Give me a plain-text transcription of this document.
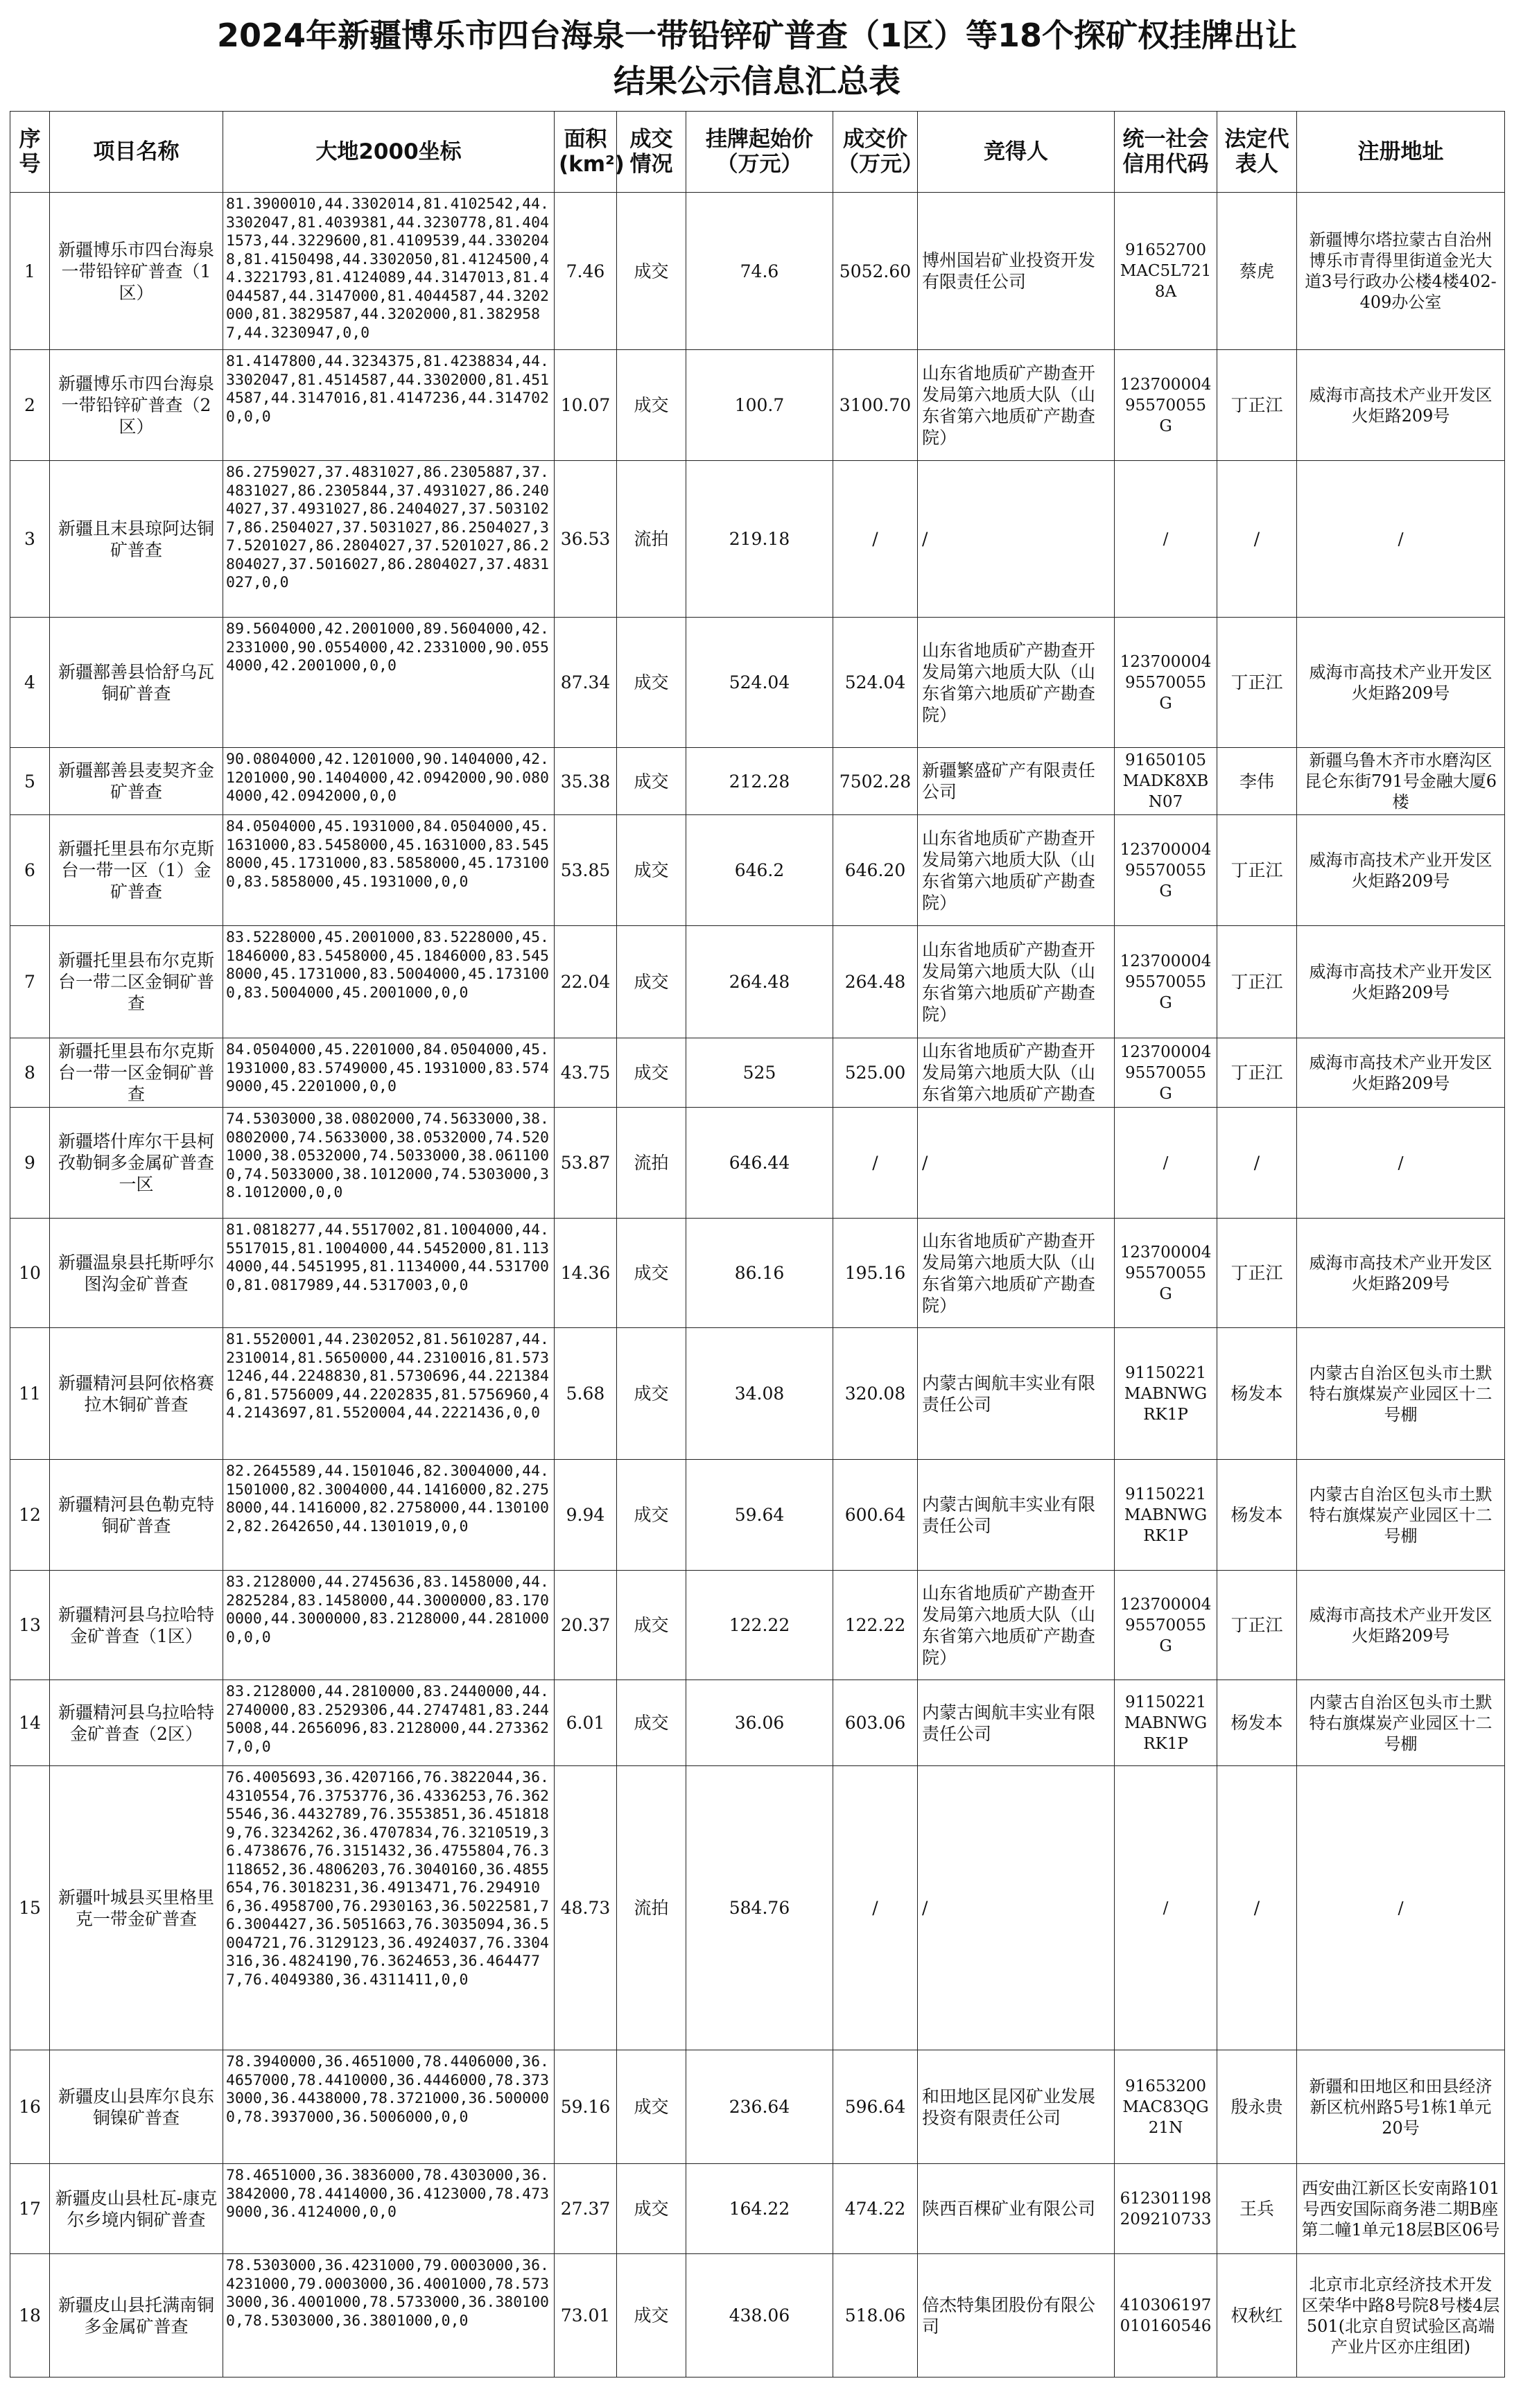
2024年新疆博乐市四台海泉一带铅锌矿普查（1区）等18个探矿权挂牌出让
结果公示信息汇总表
序号	项目名称	大地2000坐标	面积(km²)	成交情况	挂牌起始价（万元）	成交价（万元）	竞得人	统一社会信用代码	法定代表人	注册地址
1	新疆博乐市四台海泉一带铅锌矿普查（1区）	81.3900010,44.3302014,81.4102542,44.3302047,81.4039381,44.3230778,81.4041573,44.3229600,81.4109539,44.3302048,81.4150498,44.3302050,81.4124500,44.3221793,81.4124089,44.3147013,81.4044587,44.3147000,81.4044587,44.3202000,81.3829587,44.3202000,81.3829587,44.3230947,0,0	7.46	成交	74.6	5052.60	博州国岩矿业投资开发有限责任公司	91652700MAC5L7218A	蔡虎	新疆博尔塔拉蒙古自治州博乐市青得里街道金光大道3号行政办公楼4楼402-409办公室
2	新疆博乐市四台海泉一带铅锌矿普查（2区）	81.4147800,44.3234375,81.4238834,44.3302047,81.4514587,44.3302000,81.4514587,44.3147016,81.4147236,44.3147020,0,0	10.07	成交	100.7	3100.70	山东省地质矿产勘查开发局第六地质大队（山东省第六地质矿产勘查院）	12370000495570055G	丁正江	威海市高技术产业开发区火炬路209号
3	新疆且末县琼阿达铜矿普查	86.2759027,37.4831027,86.2305887,37.4831027,86.2305844,37.4931027,86.2404027,37.4931027,86.2404027,37.5031027,86.2504027,37.5031027,86.2504027,37.5201027,86.2804027,37.5201027,86.2804027,37.5016027,86.2804027,37.4831027,0,0	36.53	流拍	219.18	/	/	/	/	/
4	新疆鄯善县恰舒乌瓦铜矿普查	89.5604000,42.2001000,89.5604000,42.2331000,90.0554000,42.2331000,90.0554000,42.2001000,0,0	87.34	成交	524.04	524.04	山东省地质矿产勘查开发局第六地质大队（山东省第六地质矿产勘查院）	12370000495570055G	丁正江	威海市高技术产业开发区火炬路209号
5	新疆鄯善县麦契齐金矿普查	90.0804000,42.1201000,90.1404000,42.1201000,90.1404000,42.0942000,90.0804000,42.0942000,0,0	35.38	成交	212.28	7502.28	新疆繁盛矿产有限责任公司	91650105MADK8XBN07	李伟	新疆乌鲁木齐市水磨沟区昆仑东街791号金融大厦6楼
6	新疆托里县布尔克斯台一带一区（1）金矿普查	84.0504000,45.1931000,84.0504000,45.1631000,83.5458000,45.1631000,83.5458000,45.1731000,83.5858000,45.1731000,83.5858000,45.1931000,0,0	53.85	成交	646.2	646.20	山东省地质矿产勘查开发局第六地质大队（山东省第六地质矿产勘查院）	12370000495570055G	丁正江	威海市高技术产业开发区火炬路209号
7	新疆托里县布尔克斯台一带二区金铜矿普查	83.5228000,45.2001000,83.5228000,45.1846000,83.5458000,45.1846000,83.5458000,45.1731000,83.5004000,45.1731000,83.5004000,45.2001000,0,0	22.04	成交	264.48	264.48	山东省地质矿产勘查开发局第六地质大队（山东省第六地质矿产勘查院）	12370000495570055G	丁正江	威海市高技术产业开发区火炬路209号
8	新疆托里县布尔克斯台一带一区金铜矿普查	84.0504000,45.2201000,84.0504000,45.1931000,83.5749000,45.1931000,83.5749000,45.2201000,0,0	43.75	成交	525	525.00	山东省地质矿产勘查开发局第六地质大队（山东省第六地质矿产勘查	12370000495570055G	丁正江	威海市高技术产业开发区火炬路209号
9	新疆塔什库尔干县柯孜勒铜多金属矿普查一区	74.5303000,38.0802000,74.5633000,38.0802000,74.5633000,38.0532000,74.5201000,38.0532000,74.5033000,38.0611000,74.5033000,38.1012000,74.5303000,38.1012000,0,0	53.87	流拍	646.44	/	/	/	/	/
10	新疆温泉县托斯呼尔图沟金矿普查	81.0818277,44.5517002,81.1004000,44.5517015,81.1004000,44.5452000,81.1134000,44.5451995,81.1134000,44.5317000,81.0817989,44.5317003,0,0	14.36	成交	86.16	195.16	山东省地质矿产勘查开发局第六地质大队（山东省第六地质矿产勘查院）	12370000495570055G	丁正江	威海市高技术产业开发区火炬路209号
11	新疆精河县阿依格赛拉木铜矿普查	81.5520001,44.2302052,81.5610287,44.2310014,81.5650000,44.2310016,81.5731246,44.2248830,81.5730696,44.2213846,81.5756009,44.2202835,81.5756960,44.2143697,81.5520004,44.2221436,0,0	5.68	成交	34.08	320.08	内蒙古闽航丰实业有限责任公司	91150221MABNWGRK1P	杨发本	内蒙古自治区包头市土默特右旗煤炭产业园区十二号棚
12	新疆精河县色勒克特铜矿普查	82.2645589,44.1501046,82.3004000,44.1501000,82.3004000,44.1416000,82.2758000,44.1416000,82.2758000,44.1301002,82.2642650,44.1301019,0,0	9.94	成交	59.64	600.64	内蒙古闽航丰实业有限责任公司	91150221MABNWGRK1P	杨发本	内蒙古自治区包头市土默特右旗煤炭产业园区十二号棚
13	新疆精河县乌拉哈特金矿普查（1区）	83.2128000,44.2745636,83.1458000,44.2825284,83.1458000,44.3000000,83.1700000,44.3000000,83.2128000,44.2810000,0,0	20.37	成交	122.22	122.22	山东省地质矿产勘查开发局第六地质大队（山东省第六地质矿产勘查院）	12370000495570055G	丁正江	威海市高技术产业开发区火炬路209号
14	新疆精河县乌拉哈特金矿普查（2区）	83.2128000,44.2810000,83.2440000,44.2740000,83.2529306,44.2747481,83.2445008,44.2656096,83.2128000,44.2733627,0,0	6.01	成交	36.06	603.06	内蒙古闽航丰实业有限责任公司	91150221MABNWGRK1P	杨发本	内蒙古自治区包头市土默特右旗煤炭产业园区十二号棚
15	新疆叶城县买里格里克一带金矿普查	76.4005693,36.4207166,76.3822044,36.4310554,76.3753776,36.4336253,76.3625546,36.4432789,76.3553851,36.4518189,76.3234262,36.4707834,76.3210519,36.4738676,76.3151432,36.4755804,76.3118652,36.4806203,76.3040160,36.4855654,76.3018231,36.4913471,76.2949106,36.4958700,76.2930163,36.5022581,76.3004427,36.5051663,76.3035094,36.5004721,76.3129123,36.4924037,76.3304316,36.4824190,76.3624653,36.4644777,76.4049380,36.4311411,0,0	48.73	流拍	584.76	/	/	/	/	/
16	新疆皮山县库尔良东铜镍矿普查	78.3940000,36.4651000,78.4406000,36.4657000,78.4410000,36.4446000,78.3733000,36.4438000,78.3721000,36.5000000,78.3937000,36.5006000,0,0	59.16	成交	236.64	596.64	和田地区昆冈矿业发展投资有限责任公司	91653200MAC83QG21N	殷永贵	新疆和田地区和田县经济新区杭州路5号1栋1单元20号
17	新疆皮山县杜瓦-康克尔乡境内铜矿普查	78.4651000,36.3836000,78.4303000,36.3842000,78.4414000,36.4123000,78.4739000,36.4124000,0,0	27.37	成交	164.22	474.22	陕西百棵矿业有限公司	612301198209210733	王兵	西安曲江新区长安南路101号西安国际商务港二期B座第二幢1单元18层B区06号
18	新疆皮山县托满南铜多金属矿普查	78.5303000,36.4231000,79.0003000,36.4231000,79.0003000,36.4001000,78.5733000,36.4001000,78.5733000,36.3801000,78.5303000,36.3801000,0,0	73.01	成交	438.06	518.06	倍杰特集团股份有限公司	410306197010160546	权秋红	北京市北京经济技术开发区荣华中路8号院8号楼4层501(北京自贸试验区高端产业片区亦庄组团)
